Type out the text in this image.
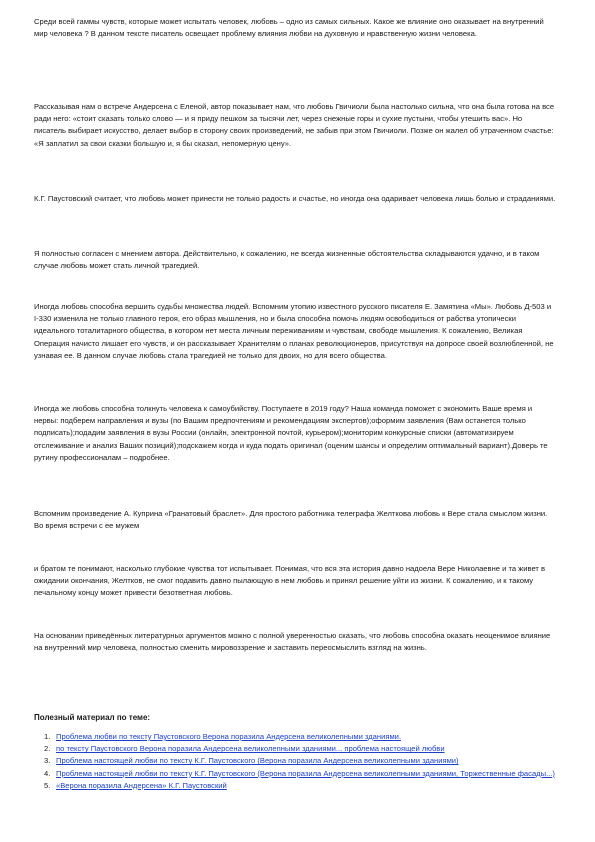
Среди всей гаммы чувств, которые может испытать человек, любовь – одно из самых сильных. Какое же влияние оно оказывает на внутренний мир человека ? В данном тексте писатель освещает проблему влияния любви на духовную и нравственную жизни человека.

Рассказывая нам о встрече Андерсена с Еленой, автор показывает нам, что любовь Гвичиоли была настолько сильна, что она была готова на все ради него: «стоит сказать только слово — и я приду пешком за тысячи лет, через снежные горы и сухие пустыни, чтобы утешить вас». Но писатель выбирает искусство, делает выбор в сторону своих произведений, не забыв при этом Гвичиоли. Позже он жалел об утраченном счастье: «Я заплатил за свои сказки большую и, я бы сказал, непомерную цену».

К.Г. Паустовский считает, что любовь может принести не только радость и счастье, но иногда она одаривает человека лишь болью и страданиями.

Я полностью согласен с мнением автора. Действительно, к сожалению, не всегда жизненные обстоятельства складываются удачно, и в таком случае любовь может стать личной трагедией.

Иногда любовь способна вершить судьбы множества людей. Вспомним утопию известного русского писателя Е. Замятина «Мы». Любовь Д-503 и I-330 изменила не только главного героя, его образ мышления, но и была способна помочь людям освободиться от рабства утопически идеального тоталитарного общества, в котором нет места личным переживаниям и чувствам, свободе мышления. К сожалению, Великая Операция начисто лишает его чувств, и он рассказывает Хранителям о планах революционеров, присутствуя на допросе своей возлюбленной, не узнавая ее. В данном случае любовь стала трагедией не только для двоих, но для всего общества.

Иногда же любовь способна толкнуть человека к самоубийству. Поступаете в 2019 году? Наша команда поможет с экономить Ваше время и нервы: подберем направления и вузы (по Вашим предпочтениям и рекомендациям экспертов);оформим заявления (Вам останется только подписать);подадим заявления в вузы России (онлайн, электронной почтой, курьером);мониторим конкурсные списки (автоматизируем отслеживание и анализ Ваших позиций);подскажем когда и куда подать оригинал (оценим шансы и определим оптимальный вариант).Доверь те рутину профессионалам – подробнее.

Вспомним произведение А. Куприна «Гранатовый браслет». Для простого работника телеграфа Желткова любовь к Вере стала смыслом жизни. Во время встречи с ее мужем

и братом те понимают, насколько глубокие чувства тот испытывает. Понимая, что вся эта история давно надоела Вере Николаевне и та живет в ожидании окончания, Желтков, не смог подавить давно пылающую в нем любовь и принял решение уйти из жизни. К сожалению, и к такому печальному концу может привести безответная любовь.

На основании приведённых литературных аргументов можно с полной уверенностью сказать, что любовь способна оказать неоценимое влияние на внутренний мир человека, полностью сменить мировоззрение и заставить переосмыслить взгляд на жизнь.

Полезный материал по теме:

1. Проблема любви по тексту Паустовского Верона поразила Андерсена великолепными зданиями.
2. по тексту Паустовского Верона поразила Андерсена великолепными зданиями... проблема настоящей любви
3. Проблема настоящей любви по тексту К.Г. Паустовского (Верона поразила Андерсена великолепными зданиями)
4. Проблема настоящей любви по тексту К.Г. Паустовского (Верона поразила Андерсена великолепными зданиями, Торжественные фасады...)
5. «Верона поразила Андерсена» К.Г. Паустовский
